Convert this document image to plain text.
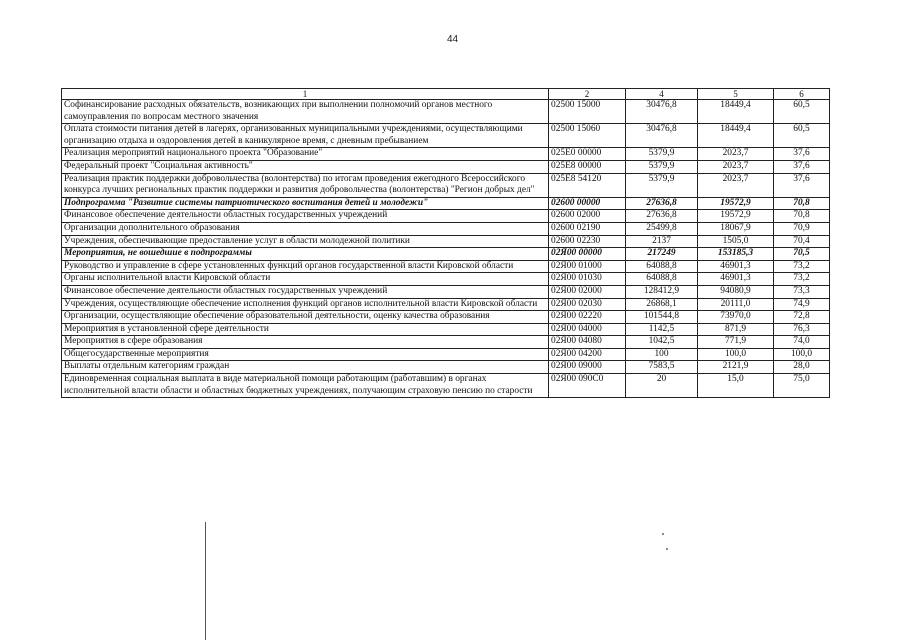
44
1	2	4	5	6
Софинансирование расходных обязательств, возникающих при выполнении полномочий органов местного самоуправления по вопросам местного значения	02500 15000	30476,8	18449,4	60,5
Оплата стоимости питания детей в лагерях, организованных муниципальными учреждениями, осуществляющими организацию отдыха и оздоровления детей в каникулярное время, с дневным пребыванием	02500 15060	30476,8	18449,4	60,5
Реализация мероприятий национального проекта "Образование"	025Е0 00000	5379,9	2023,7	37,6
Федеральный проект "Социальная активность"	025Е8 00000	5379,9	2023,7	37,6
Реализация практик поддержки добровольчества (волонтерства) по итогам проведения ежегодного Всероссийского конкурса лучших региональных практик поддержки и развития добровольчества (волонтерства) "Регион добрых дел"	025Е8 54120	5379,9	2023,7	37,6
Подпрограмма "Развитие системы патриотического воспитания детей и молодежи"	02600 00000	27636,8	19572,9	70,8
Финансовое обеспечение деятельности областных государственных учреждений	02600 02000	27636,8	19572,9	70,8
Организации дополнительного образования	02600 02190	25499,8	18067,9	70,9
Учреждения, обеспечивающие предоставление услуг в области молодежной политики	02600 02230	2137	1505,0	70,4
Мероприятия, не вошедшие в подпрограммы	02Я00 00000	217249	153185,3	70,5
Руководство и управление в сфере установленных функций органов государственной власти Кировской области	02Я00 01000	64088,8	46901,3	73,2
Органы исполнительной власти Кировской области	02Я00 01030	64088,8	46901,3	73,2
Финансовое обеспечение деятельности областных государственных учреждений	02Я00 02000	128412,9	94080,9	73,3
Учреждения, осуществляющие обеспечение исполнения функций органов исполнительной власти Кировской области	02Я00 02030	26868,1	20111,0	74,9
Организации, осуществляющие обеспечение образовательной деятельности, оценку качества образования	02Я00 02220	101544,8	73970,0	72,8
Мероприятия в установленной сфере деятельности	02Я00 04000	1142,5	871,9	76,3
Мероприятия в сфере образования	02Я00 04080	1042,5	771,9	74,0
Общегосударственные мероприятия	02Я00 04200	100	100,0	100,0
Выплаты отдельным категориям граждан	02Я00 09000	7583,5	2121,9	28,0
Единовременная социальная выплата в виде материальной помощи работающим (работавшим) в органах исполнительной власти области и областных бюджетных учреждениях, получающим страховую пенсию по старости	02Я00 090С0	20	15,0	75,0
